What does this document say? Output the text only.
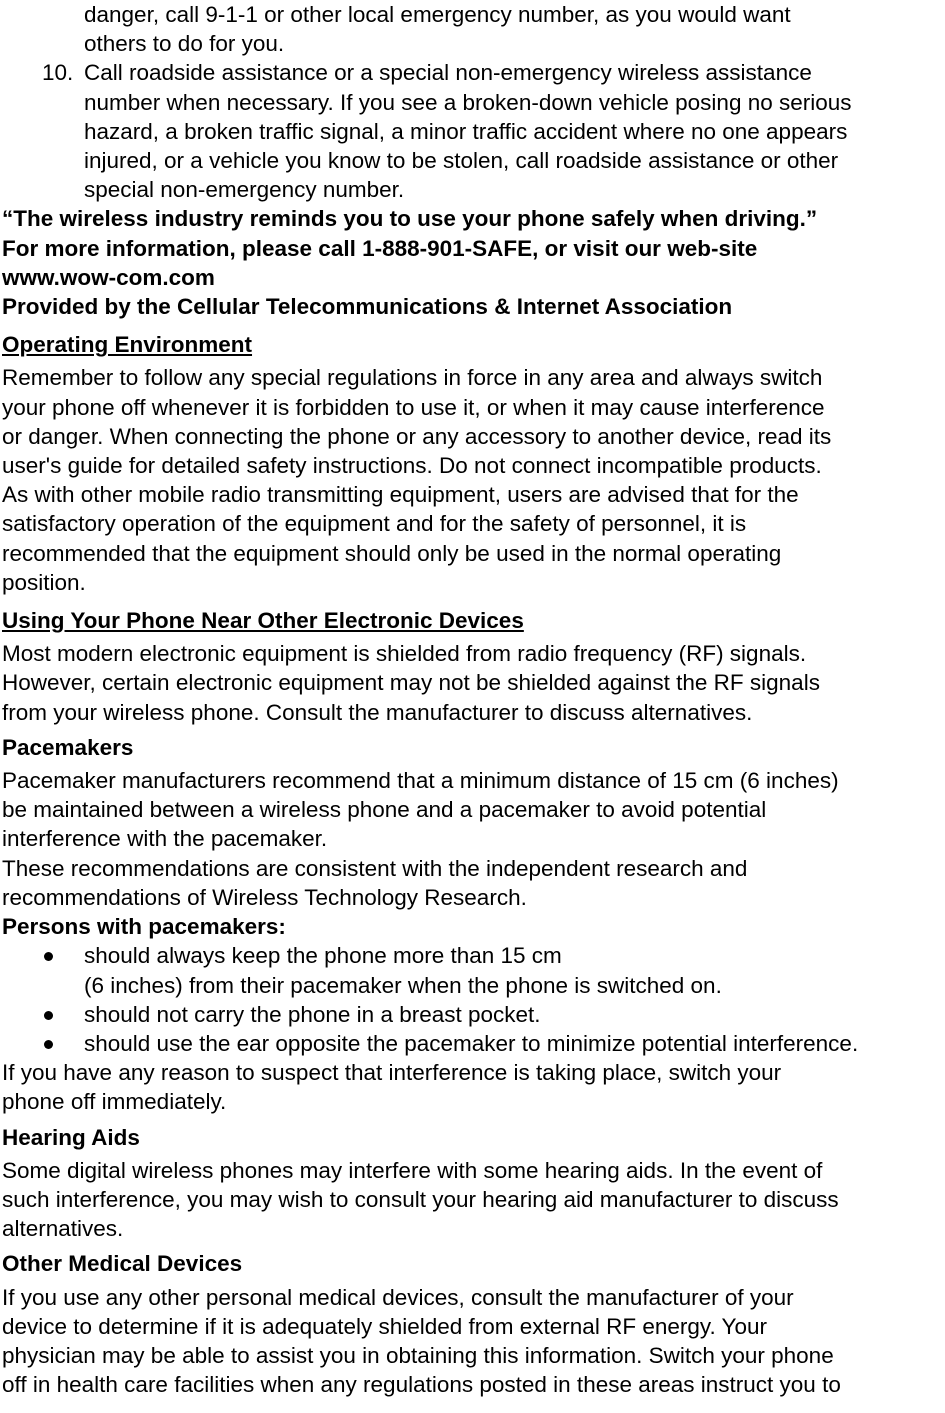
danger, call 9-1-1 or other local emergency number, as you would want
others to do for you.
10. Call roadside assistance or a special non-emergency wireless assistance
number when necessary. If you see a broken-down vehicle posing no serious
hazard, a broken traffic signal, a minor traffic accident where no one appears
injured, or a vehicle you know to be stolen, call roadside assistance or other
special non-emergency number.
“The wireless industry reminds you to use your phone safely when driving.”
For more information, please call 1-888-901-SAFE, or visit our web-site
www.wow-com.com
Provided by the Cellular Telecommunications & Internet Association
Operating Environment
Remember to follow any special regulations in force in any area and always switch
your phone off whenever it is forbidden to use it, or when it may cause interference
or danger. When connecting the phone or any accessory to another device, read its
user's guide for detailed safety instructions. Do not connect incompatible products.
As with other mobile radio transmitting equipment, users are advised that for the
satisfactory operation of the equipment and for the safety of personnel, it is
recommended that the equipment should only be used in the normal operating
position.
Using Your Phone Near Other Electronic Devices
Most modern electronic equipment is shielded from radio frequency (RF) signals.
However, certain electronic equipment may not be shielded against the RF signals
from your wireless phone. Consult the manufacturer to discuss alternatives.
Pacemakers
Pacemaker manufacturers recommend that a minimum distance of 15 cm (6 inches)
be maintained between a wireless phone and a pacemaker to avoid potential
interference with the pacemaker.
These recommendations are consistent with the independent research and
recommendations of Wireless Technology Research.
Persons with pacemakers:
should always keep the phone more than 15 cm
(6 inches) from their pacemaker when the phone is switched on.
should not carry the phone in a breast pocket.
should use the ear opposite the pacemaker to minimize potential interference.
If you have any reason to suspect that interference is taking place, switch your
phone off immediately.
Hearing Aids
Some digital wireless phones may interfere with some hearing aids. In the event of
such interference, you may wish to consult your hearing aid manufacturer to discuss
alternatives.
Other Medical Devices
If you use any other personal medical devices, consult the manufacturer of your
device to determine if it is adequately shielded from external RF energy. Your
physician may be able to assist you in obtaining this information. Switch your phone
off in health care facilities when any regulations posted in these areas instruct you to
